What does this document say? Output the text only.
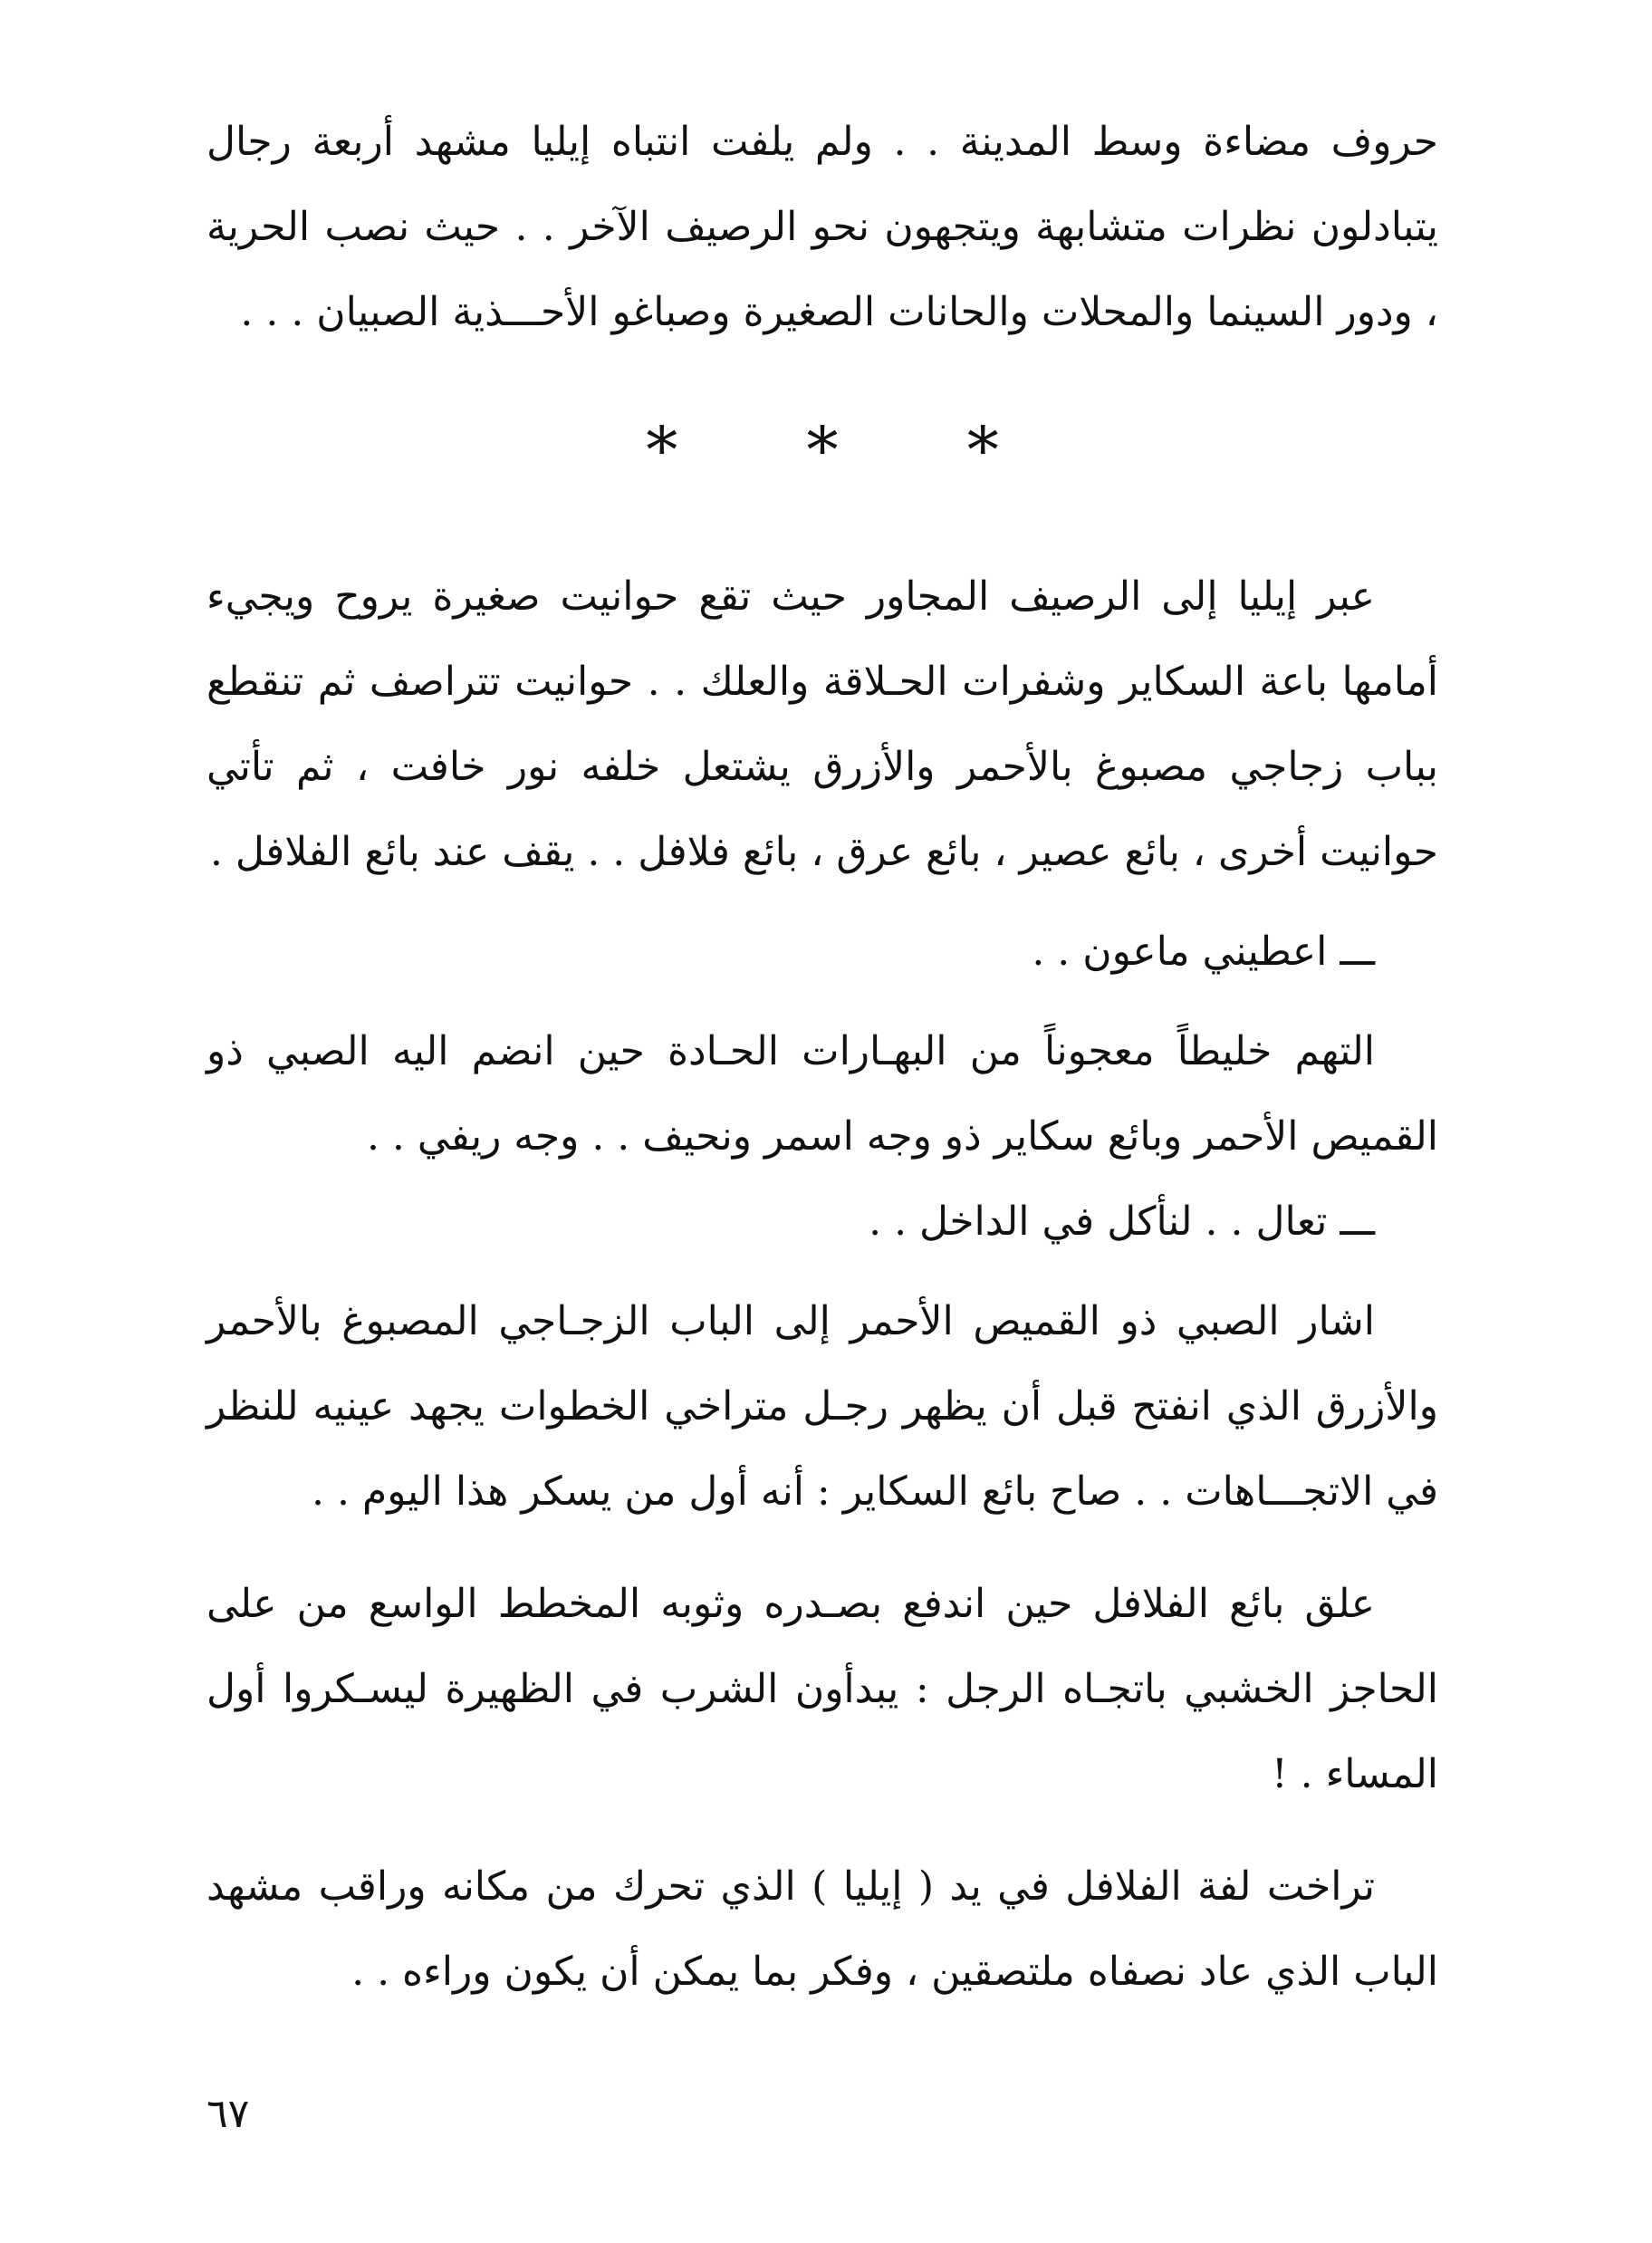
حروف مضاءة وسط المدينة . . ولم يلفت انتباه إيليا مشهد أربعة رجال يتبادلون نظرات متشابهة ويتجهون نحو الرصيف الآخر . . حيث نصب الحرية ، ودور السينما والمحلات والحانات الصغيرة وصباغو الأحـــذية الصبيان . . .

* * *

عبر إيليا إلى الرصيف المجاور حيث تقع حوانيت صغيرة يروح ويجيء أمامها باعة السكاير وشفرات الحـلاقة والعلك . . حوانيت تتراصف ثم تنقطع بباب زجاجي مصبوغ بالأحمر والأزرق يشتعل خلفه نور خافت ، ثم تأتي حوانيت أخرى ، بائع عصير ، بائع عرق ، بائع فلافل . . يقف عند بائع الفلافل .

ـــ اعطيني ماعون . .

التهم خليطاً معجوناً من البهـارات الحـادة حين انضم اليه الصبي ذو القميص الأحمر وبائع سكاير ذو وجه اسمر ونحيف . . وجه ريفي . .

ـــ تعال . . لنأكل في الداخل . .

اشار الصبي ذو القميص الأحمر إلى الباب الزجـاجي المصبوغ بالأحمر والأزرق الذي انفتح قبل أن يظهر رجـل متراخي الخطوات يجهد عينيه للنظر في الاتجـــاهات . . صاح بائع السكاير : أنه أول من يسكر هذا اليوم . .

علق بائع الفلافل حين اندفع بصـدره وثوبه المخطط الواسع من على الحاجز الخشبي باتجـاه الرجل : يبدأون الشرب في الظهيرة ليسـكروا أول المساء . !

تراخت لفة الفلافل في يد ( إيليا ) الذي تحرك من مكانه وراقب مشهد الباب الذي عاد نصفاه ملتصقين ، وفكر بما يمكن أن يكون وراءه . .

٦٧
